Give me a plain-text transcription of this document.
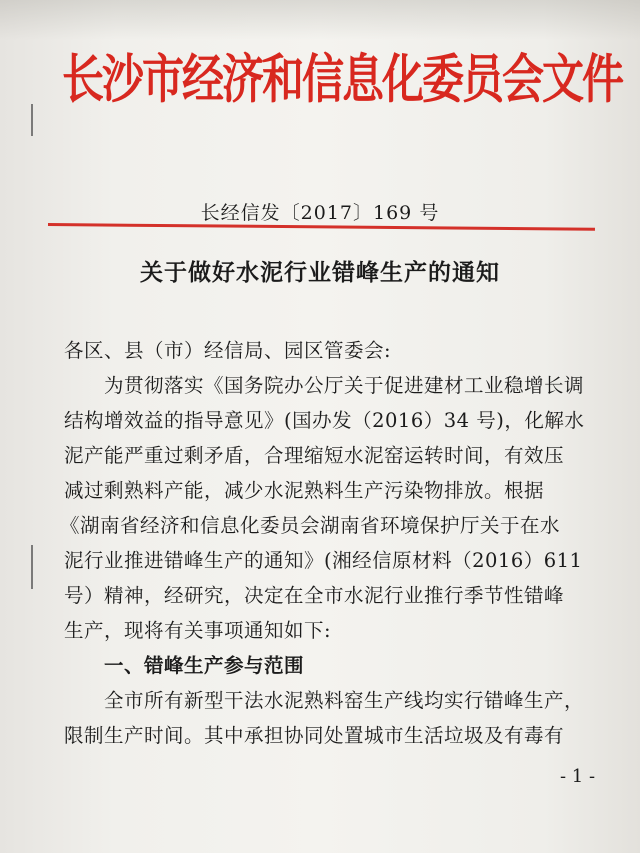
长沙市经济和信息化委员会文件
长经信发〔2017〕169 号
关于做好水泥行业错峰生产的通知
各区、县（市）经信局、园区管委会:
为贯彻落实《国务院办公厅关于促进建材工业稳增长调
结构增效益的指导意见》(国办发（2016）34 号)，化解水
泥产能严重过剩矛盾，合理缩短水泥窑运转时间，有效压
减过剩熟料产能，减少水泥熟料生产污染物排放。根据
《湖南省经济和信息化委员会湖南省环境保护厅关于在水
泥行业推进错峰生产的通知》(湘经信原材料（2016）611
号）精神，经研究，决定在全市水泥行业推行季节性错峰
生产，现将有关事项通知如下:
一、错峰生产参与范围
全市所有新型干法水泥熟料窑生产线均实行错峰生产，
限制生产时间。其中承担协同处置城市生活垃圾及有毒有
- 1 -
